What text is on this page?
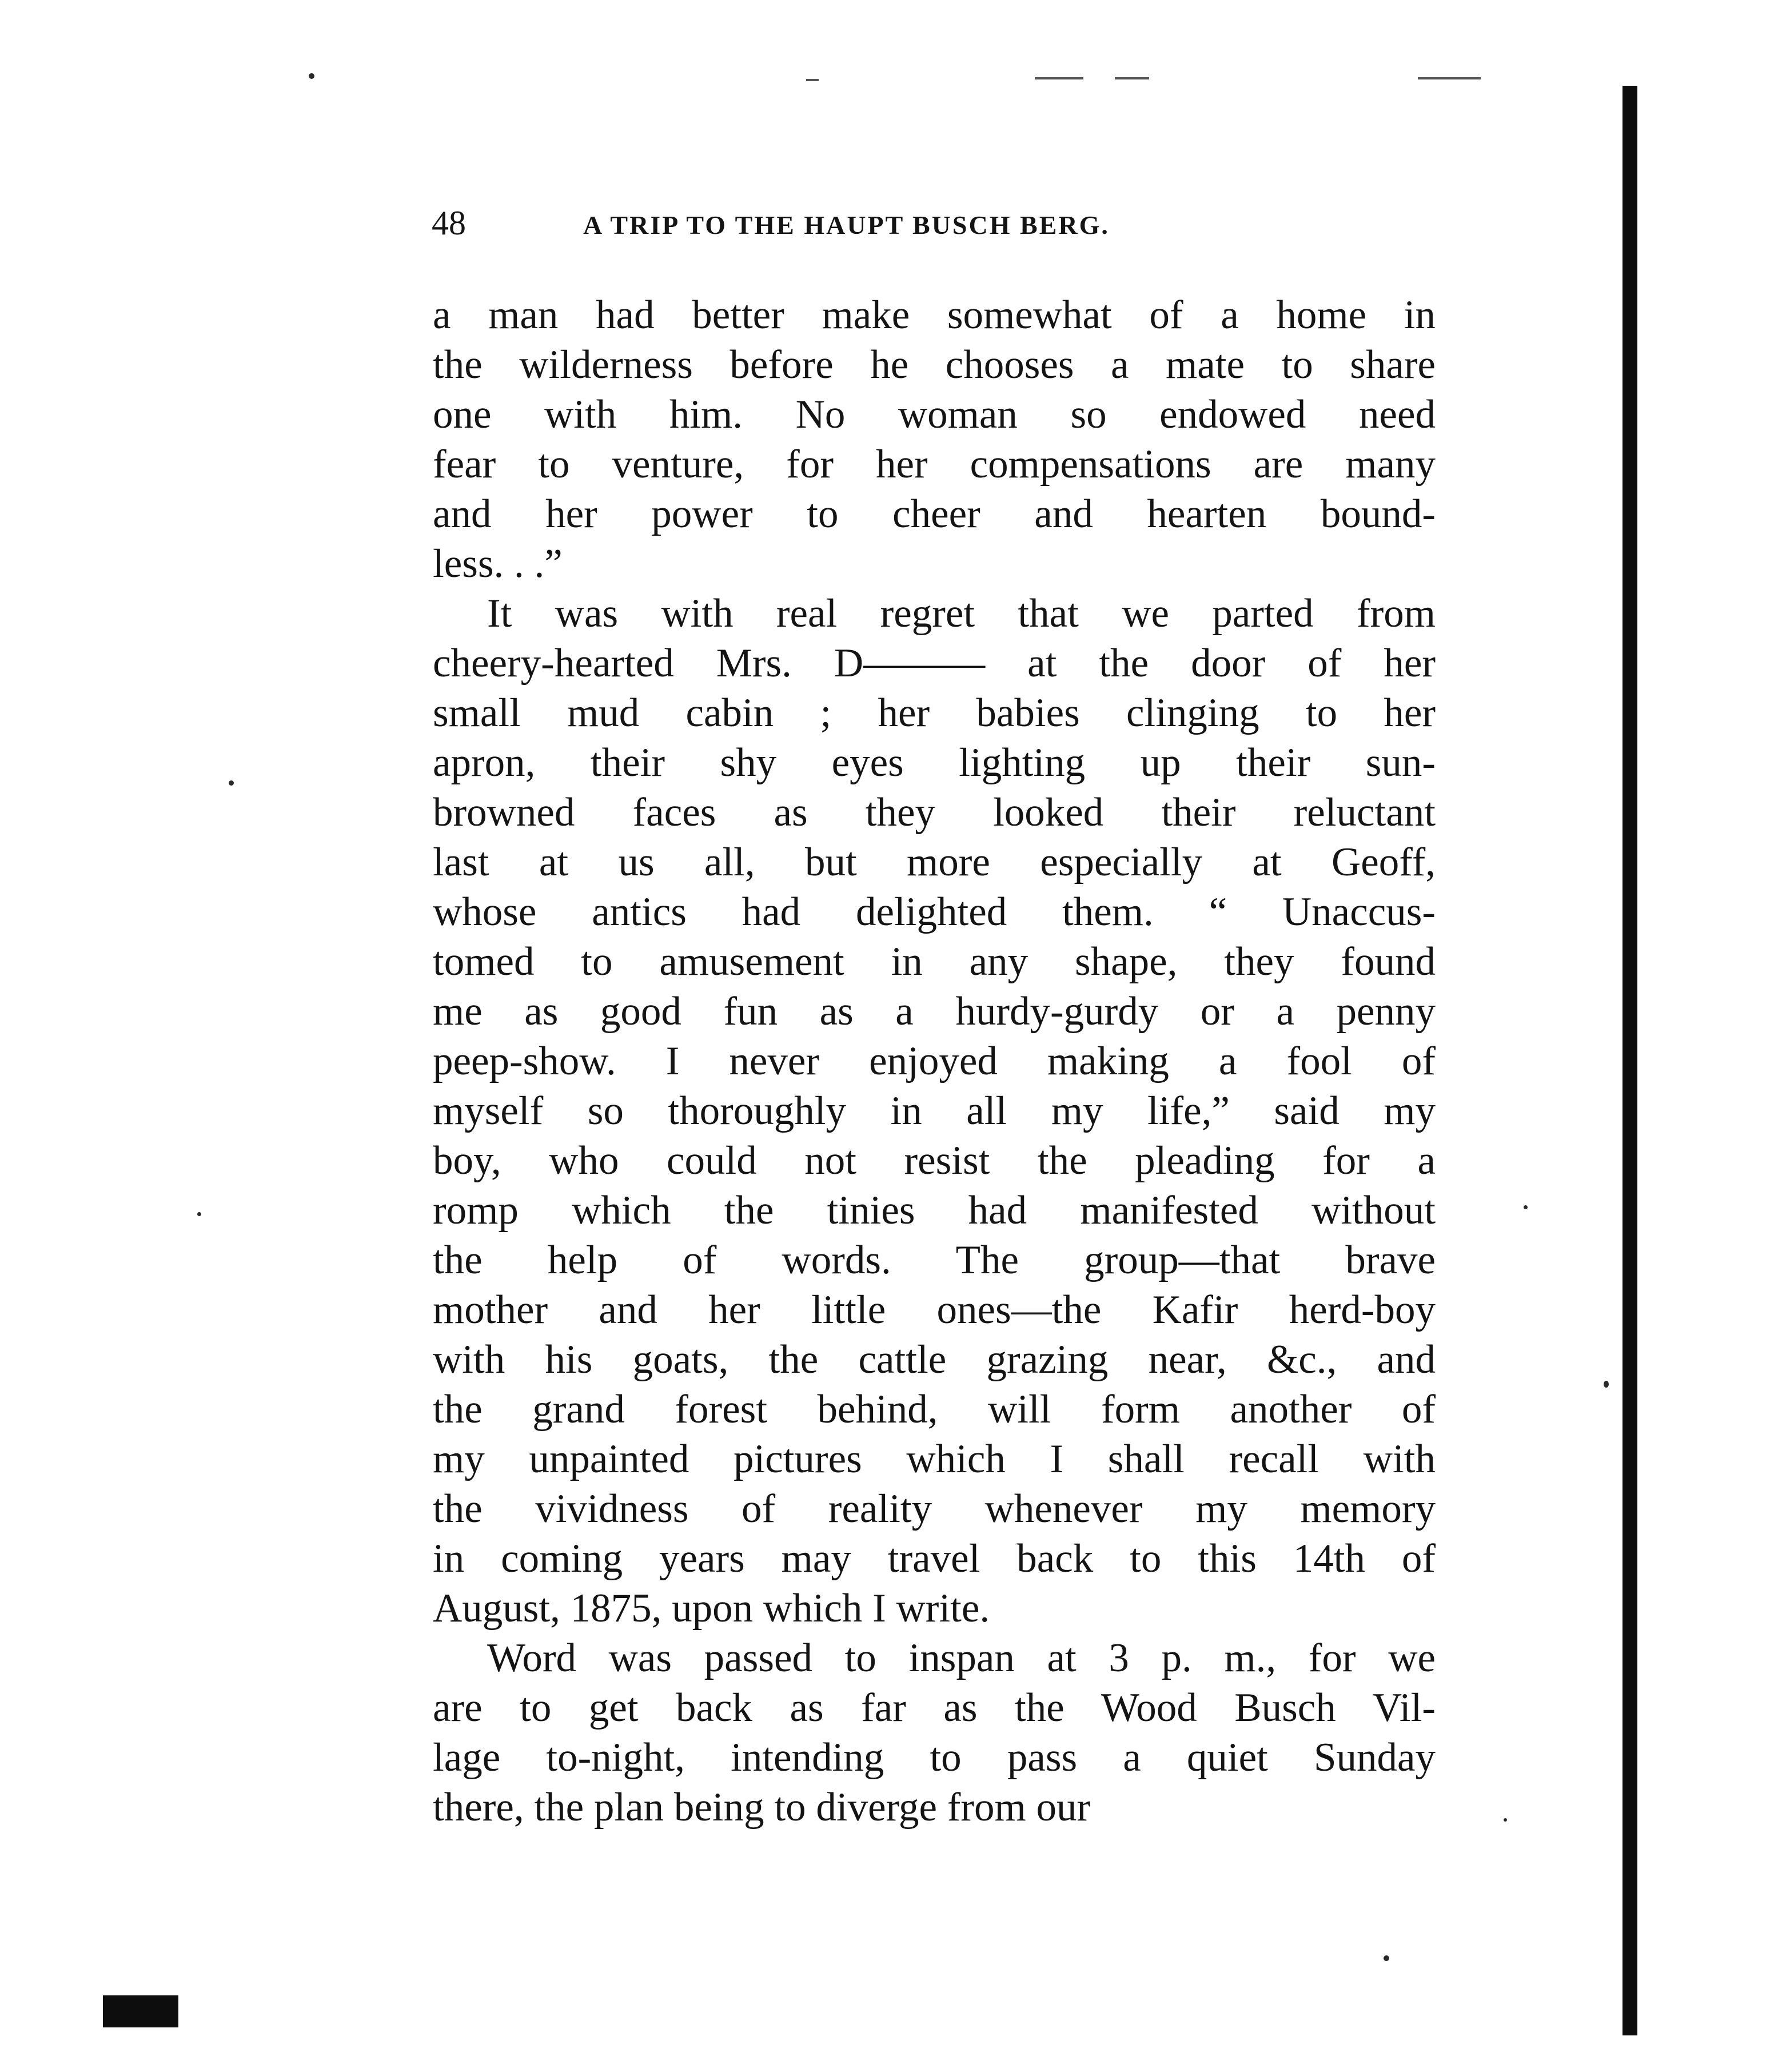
48	A TRIP TO THE HAUPT BUSCH BERG.
a man had better make somewhat of a home in
the wilderness before he chooses a mate to share
one with him. No woman so endowed need
fear to venture, for her compensations are many
and her power to cheer and hearten bound-
less. . .”
It was with real regret that we parted from
cheery-hearted Mrs. D——— at the door of her
small mud cabin ; her babies clinging to her
apron, their shy eyes lighting up their sun-
browned faces as they looked their reluctant
last at us all, but more especially at Geoff,
whose antics had delighted them. “ Unaccus-
tomed to amusement in any shape, they found
me as good fun as a hurdy-gurdy or a penny
peep-show. I never enjoyed making a fool of
myself so thoroughly in all my life,” said my
boy, who could not resist the pleading for a
romp which the tinies had manifested without
the help of words. The group—that brave
mother and her little ones—the Kafir herd-boy
with his goats, the cattle grazing near, &c., and
the grand forest behind, will form another of
my unpainted pictures which I shall recall with
the vividness of reality whenever my memory
in coming years may travel back to this 14th of
August, 1875, upon which I write.
Word was passed to inspan at 3 p. m., for we
are to get back as far as the Wood Busch Vil-
lage to-night, intending to pass a quiet Sunday
there, the plan being to diverge from our
